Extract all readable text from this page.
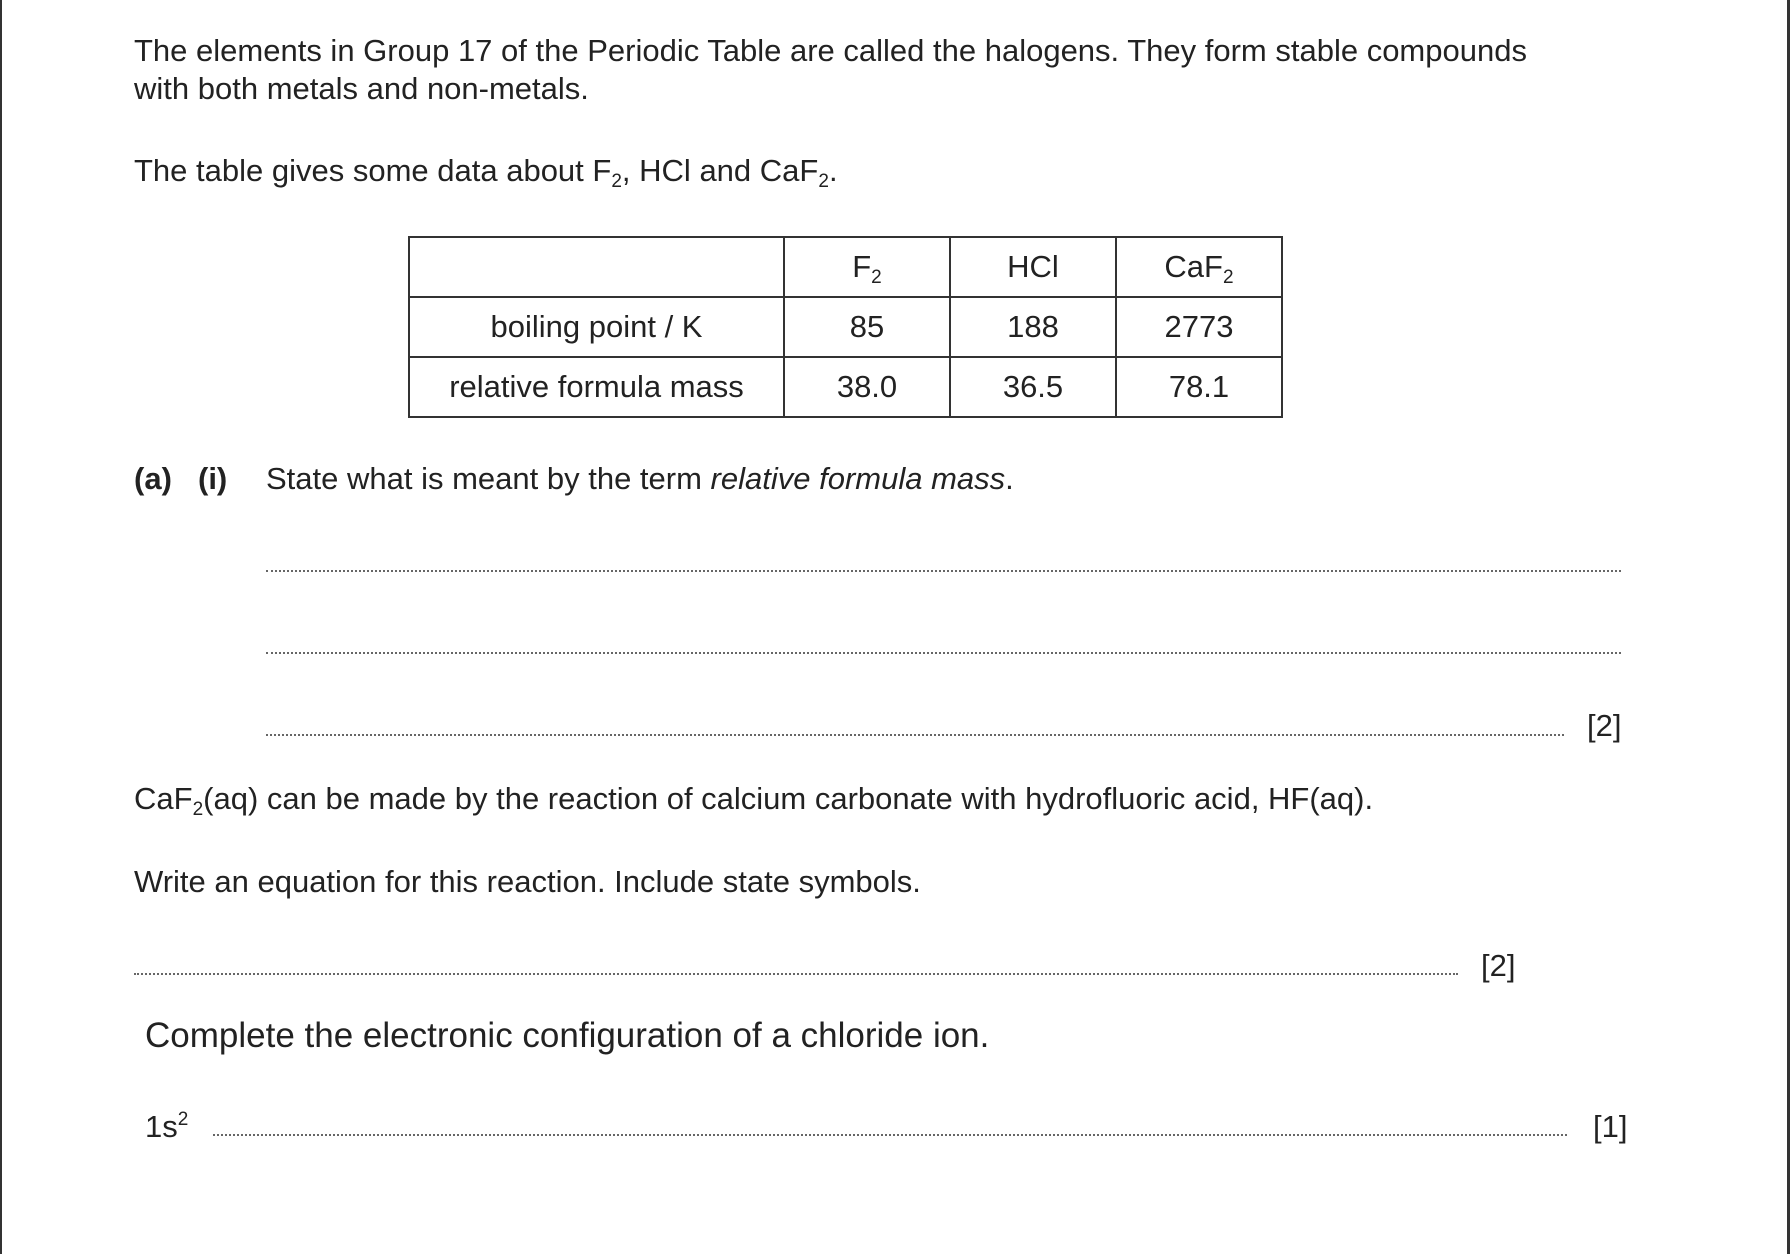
The elements in Group 17 of the Periodic Table are called the halogens. They form stable compounds
with both metals and non-metals.
The table gives some data about $F_2$, HCl and CaF$_2$.
	$F_2$	HCl	CaF$_2$
boiling point / K	85	188	2773
relative formula mass	38.0	36.5	78.1
(a) (i) State what is meant by the term relative formula mass.
[2]
CaF$_2$(aq) can be made by the reaction of calcium carbonate with hydrofluoric acid, HF(aq).
Write an equation for this reaction. Include state symbols.
[2]
Complete the electronic configuration of a chloride ion.
$1s^2$	[1]
